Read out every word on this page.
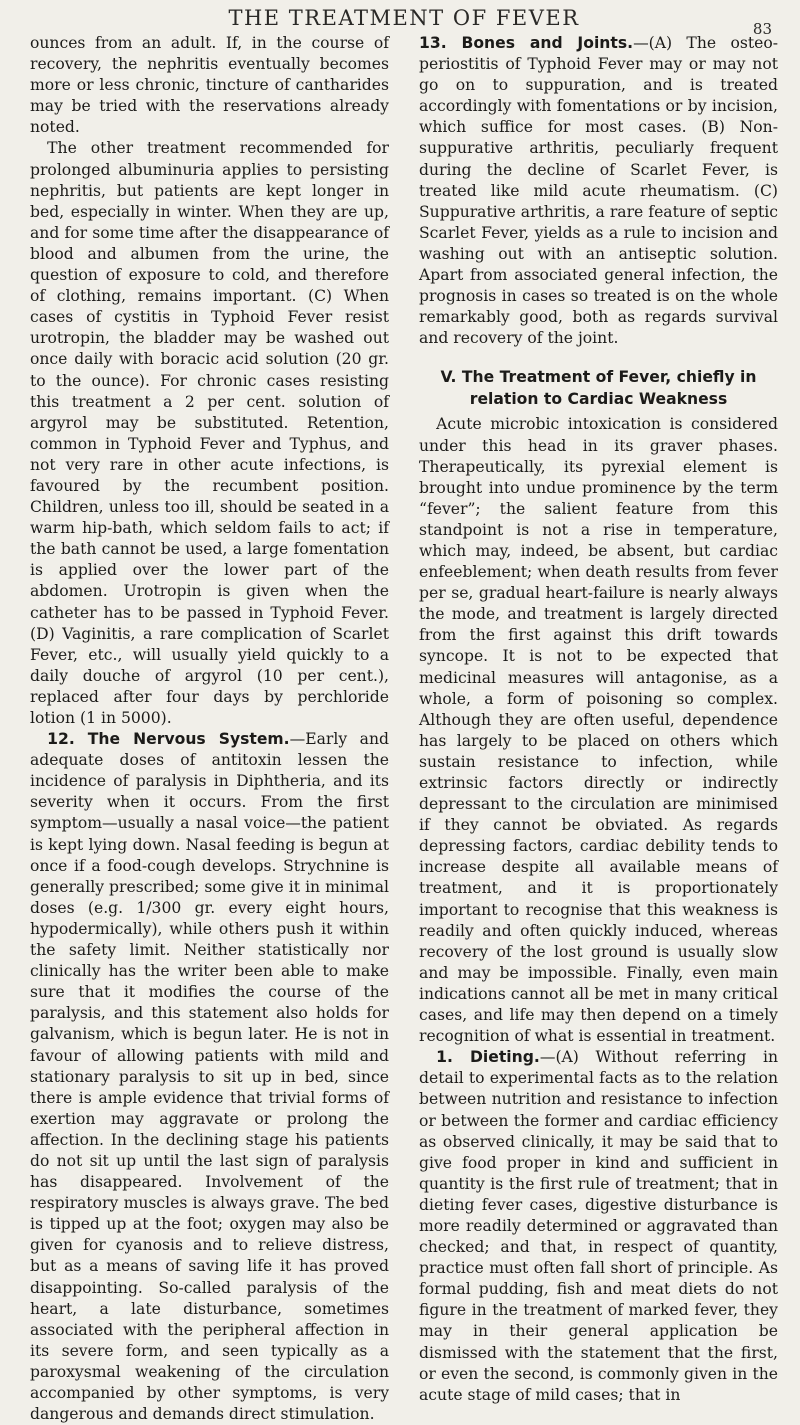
THE TREATMENT OF FEVER	83

ounces from an adult. If, in the course of recovery, the nephritis eventually becomes more or less chronic, tincture of cantharides may be tried with the reservations already noted.

The other treatment recommended for prolonged albuminuria applies to persisting nephritis, but patients are kept longer in bed, especially in winter. When they are up, and for some time after the disappearance of blood and albumen from the urine, the question of exposure to cold, and therefore of clothing, remains important. (C) When cases of cystitis in Typhoid Fever resist urotropin, the bladder may be washed out once daily with boracic acid solution (20 gr. to the ounce). For chronic cases resisting this treatment a 2 per cent. solution of argyrol may be substituted. Retention, common in Typhoid Fever and Typhus, and not very rare in other acute infections, is favoured by the recumbent position. Children, unless too ill, should be seated in a warm hip-bath, which seldom fails to act; if the bath cannot be used, a large fomentation is applied over the lower part of the abdomen. Urotropin is given when the catheter has to be passed in Typhoid Fever. (D) Vaginitis, a rare complication of Scarlet Fever, etc., will usually yield quickly to a daily douche of argyrol (10 per cent.), replaced after four days by perchloride lotion (1 in 5000).

12. The Nervous System.—Early and adequate doses of antitoxin lessen the incidence of paralysis in Diphtheria, and its severity when it occurs. From the first symptom—usually a nasal voice—the patient is kept lying down. Nasal feeding is begun at once if a food-cough develops. Strychnine is generally prescribed; some give it in minimal doses (e.g. 1/300 gr. every eight hours, hypodermically), while others push it within the safety limit. Neither statistically nor clinically has the writer been able to make sure that it modifies the course of the paralysis, and this statement also holds for galvanism, which is begun later. He is not in favour of allowing patients with mild and stationary paralysis to sit up in bed, since there is ample evidence that trivial forms of exertion may aggravate or prolong the affection. In the declining stage his patients do not sit up until the last sign of paralysis has disappeared. Involvement of the respiratory muscles is always grave. The bed is tipped up at the foot; oxygen may also be given for cyanosis and to relieve distress, but as a means of saving life it has proved disappointing. So-called paralysis of the heart, a late disturbance, sometimes associated with the peripheral affection in its severe form, and seen typically as a paroxysmal weakening of the circulation accompanied by other symptoms, is very dangerous and demands direct stimulation.

13. Bones and Joints.—(A) The osteo-periostitis of Typhoid Fever may or may not go on to suppuration, and is treated accordingly with fomentations or by incision, which suffice for most cases. (B) Non-suppurative arthritis, peculiarly frequent during the decline of Scarlet Fever, is treated like mild acute rheumatism. (C) Suppurative arthritis, a rare feature of septic Scarlet Fever, yields as a rule to incision and washing out with an antiseptic solution. Apart from associated general infection, the prognosis in cases so treated is on the whole remarkably good, both as regards survival and recovery of the joint.

V. The Treatment of Fever, chiefly in relation to Cardiac Weakness

Acute microbic intoxication is considered under this head in its graver phases. Therapeutically, its pyrexial element is brought into undue prominence by the term “fever”; the salient feature from this standpoint is not a rise in temperature, which may, indeed, be absent, but cardiac enfeeblement; when death results from fever per se, gradual heart-failure is nearly always the mode, and treatment is largely directed from the first against this drift towards syncope. It is not to be expected that medicinal measures will antagonise, as a whole, a form of poisoning so complex. Although they are often useful, dependence has largely to be placed on others which sustain resistance to infection, while extrinsic factors directly or indirectly depressant to the circulation are minimised if they cannot be obviated. As regards depressing factors, cardiac debility tends to increase despite all available means of treatment, and it is proportionately important to recognise that this weakness is readily and often quickly induced, whereas recovery of the lost ground is usually slow and may be impossible. Finally, even main indications cannot all be met in many critical cases, and life may then depend on a timely recognition of what is essential in treatment.

1. Dieting.—(A) Without referring in detail to experimental facts as to the relation between nutrition and resistance to infection or between the former and cardiac efficiency as observed clinically, it may be said that to give food proper in kind and sufficient in quantity is the first rule of treatment; that in dieting fever cases, digestive disturbance is more readily determined or aggravated than checked; and that, in respect of quantity, practice must often fall short of principle. As formal pudding, fish and meat diets do not figure in the treatment of marked fever, they may in their general application be dismissed with the statement that the first, or even the second, is commonly given in the acute stage of mild cases; that in
